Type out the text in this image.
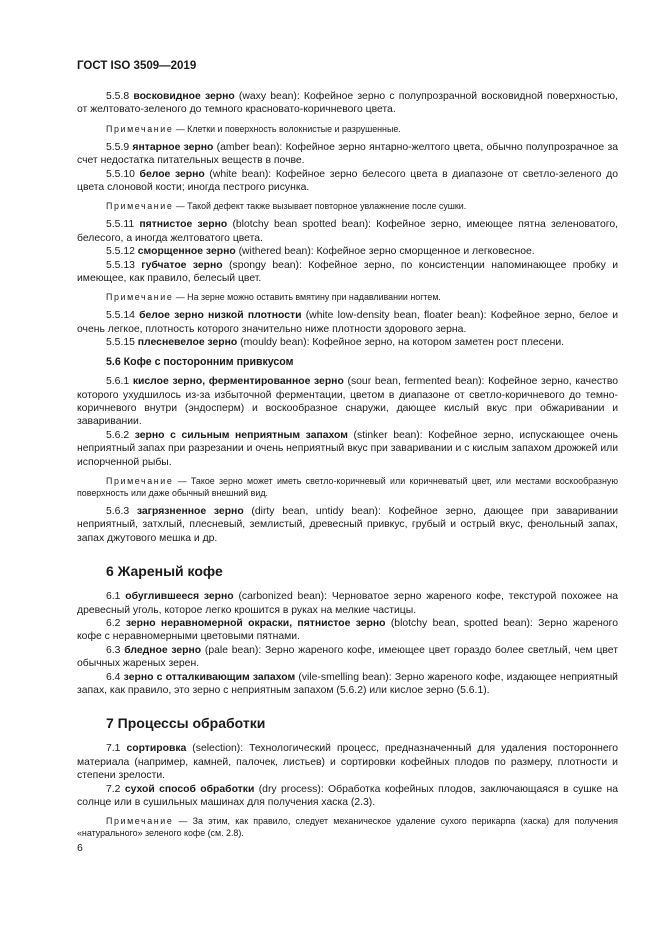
ГОСТ ISO 3509—2019

5.5.8 восковидное зерно (waxy bean): Кофейное зерно с полупрозрачной восковидной поверхностью, от желтовато-зеленого до темного красновато-коричневого цвета.

Примечание — Клетки и поверхность волокнистые и разрушенные.

5.5.9 янтарное зерно (amber bean): Кофейное зерно янтарно-желтого цвета, обычно полупрозрачное за счет недостатка питательных веществ в почве.

5.5.10 белое зерно (white bean): Кофейное зерно белесого цвета в диапазоне от светло-зеленого до цвета слоновой кости; иногда пестрого рисунка.

Примечание — Такой дефект также вызывает повторное увлажнение после сушки.

5.5.11 пятнистое зерно (blotchy bean spotted bean): Кофейное зерно, имеющее пятна зеленоватого, белесого, а иногда желтоватого цвета.

5.5.12 сморщенное зерно (withered bean): Кофейное зерно сморщенное и легковесное.

5.5.13 губчатое зерно (spongy bean): Кофейное зерно, по консистенции напоминающее пробку и имеющее, как правило, белесый цвет.

Примечание — На зерне можно оставить вмятину при надавливании ногтем.

5.5.14 белое зерно низкой плотности (white low-density bean, floater bean): Кофейное зерно, белое и очень легкое, плотность которого значительно ниже плотности здорового зерна.

5.5.15 плесневелое зерно (mouldy bean): Кофейное зерно, на котором заметен рост плесени.

5.6 Кофе с посторонним привкусом

5.6.1 кислое зерно, ферментированное зерно (sour bean, fermented bean): Кофейное зерно, качество которого ухудшилось из-за избыточной ферментации, цветом в диапазоне от светло-коричневого до темно-коричневого внутри (эндосперм) и воскообразное снаружи, дающее кислый вкус при обжаривании и заваривании.

5.6.2 зерно с сильным неприятным запахом (stinker bean): Кофейное зерно, испускающее очень неприятный запах при разрезании и очень неприятный вкус при заваривании и с кислым запахом дрожжей или испорченной рыбы.

Примечание — Такое зерно может иметь светло-коричневый или коричневатый цвет, или местами воскообразную поверхность или даже обычный внешний вид.

5.6.3 загрязненное зерно (dirty bean, untidy bean): Кофейное зерно, дающее при заваривании неприятный, затхлый, плесневый, землистый, древесный привкус, грубый и острый вкус, фенольный запах, запах джутового мешка и др.

6 Жареный кофе

6.1 обуглившееся зерно (carbonized bean): Черноватое зерно жареного кофе, текстурой похожее на древесный уголь, которое легко крошится в руках на мелкие частицы.

6.2 зерно неравномерной окраски, пятнистое зерно (blotchy bean, spotted bean): Зерно жареного кофе с неравномерными цветовыми пятнами.

6.3 бледное зерно (pale bean): Зерно жареного кофе, имеющее цвет гораздо более светлый, чем цвет обычных жареных зерен.

6.4 зерно с отталкивающим запахом (vile-smelling bean): Зерно жареного кофе, издающее неприятный запах, как правило, это зерно с неприятным запахом (5.6.2) или кислое зерно (5.6.1).

7 Процессы обработки

7.1 сортировка (selection): Технологический процесс, предназначенный для удаления постороннего материала (например, камней, палочек, листьев) и сортировки кофейных плодов по размеру, плотности и степени зрелости.

7.2 сухой способ обработки (dry process): Обработка кофейных плодов, заключающаяся в сушке на солнце или в сушильных машинах для получения хаска (2.3).

Примечание — За этим, как правило, следует механическое удаление сухого перикарпа (хаска) для получения «натурального» зеленого кофе (см. 2.8).

6
